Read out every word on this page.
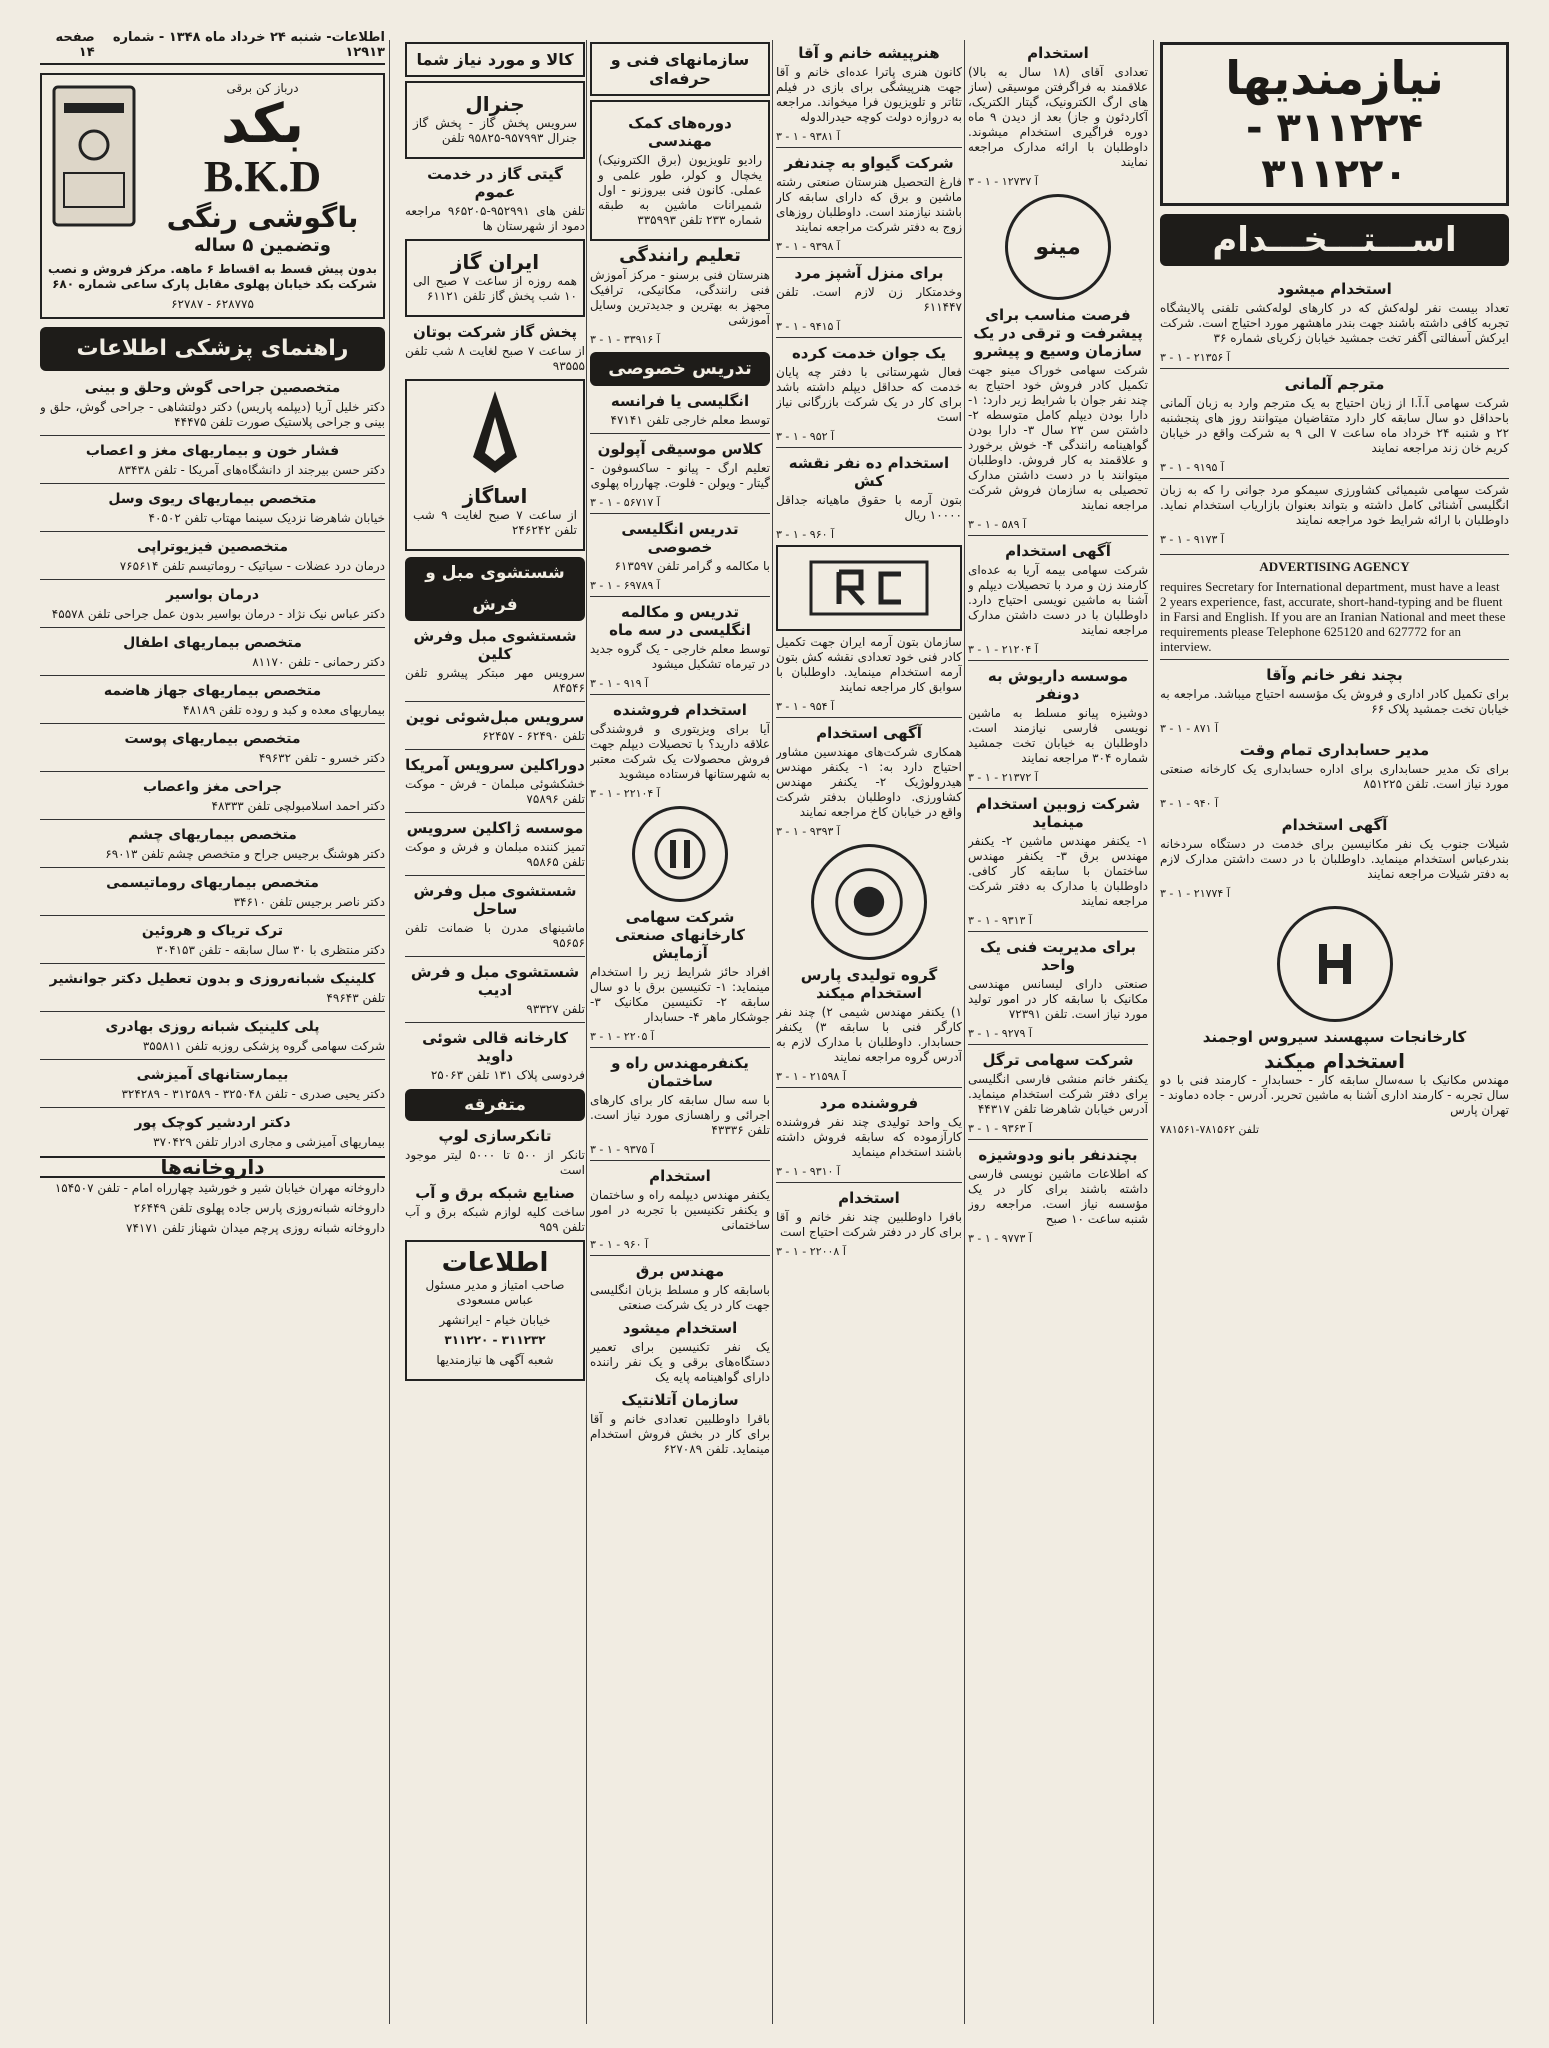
نیازمندیها
۳۱۱۲۲۴ - ۳۱۱۲۲۰
اســـتـــخـــدام
استخدام میشود

تعداد بیست نفر لوله‌کش که در کارهای لوله‌کشی تلفنی پالایشگاه تجربه کافی داشته باشند جهت بندر ماهشهر مورد احتیاج است. شرکت ایرکش آسفالتی آگفر تخت جمشید خیابان زکریای شماره ۳۶

آ ۲۱۳۵۶ - ۱ - ۳
مترجم آلمانی

شرکت سهامی آ.آ.ا از زبان احتیاج به یک مترجم وارد به زبان آلمانی باحداقل دو سال سابقه کار دارد متقاضیان میتوانند روز های پنجشنبه ۲۲ و شنبه ۲۴ خرداد ماه ساعت ۷ الی ۹ به شرکت واقع در خیابان کریم خان زند مراجعه نمایند

آ ۹۱۹۵ - ۱ - ۳

شرکت سهامی شیمیائی کشاورزی سیمکو مرد جوانی را که به زبان انگلیسی آشنائی کامل داشته و بتواند بعنوان بازاریاب استخدام نماید. داوطلبان با ارائه شرایط خود مراجعه نمایند

آ ۹۱۷۳ - ۱ - ۳

ADVERTISING AGENCY

requires Secretary for International department, must have a least 2 years experience, fast, accurate, short-hand-typing and be fluent in Farsi and English. If you are an Iranian National and meet these requirements please Telephone 625120 and 627772 for an interview.

بچند نفر خانم وآقا

برای تکمیل کادر اداری و فروش یک مؤسسه احتیاج میباشد. مراجعه به خیابان تخت جمشید پلاک ۶۶

آ ۸۷۱ - ۱ - ۳
مدیر حسابداری تمام وقت

برای تک مدیر حسابداری برای اداره حسابداری یک کارخانه صنعتی مورد نیاز است. تلفن ۸۵۱۲۲۵

آ ۹۴۰ - ۱ - ۳
آگهی استخدام

شیلات جنوب یک نفر مکانیسین برای خدمت در دستگاه سردخانه بندرعباس استخدام مینماید. داوطلبان با در دست داشتن مدارک لازم به دفتر شیلات مراجعه نمایند

آ ۲۱۷۷۴ - ۱ - ۳
کارخانجات سپهسند سیروس اوجمند
استخدام میکند

مهندس مکانیک با سه‌سال سابقه کار - حسابدار - کارمند فنی با دو سال تجربه - کارمند اداری آشنا به ماشین تحریر. آدرس - جاده دماوند - تهران پارس

تلفن ۷۸۱۵۶۲-۷۸۱۵۶۱
استخدام

تعدادی آقای (۱۸ سال به بالا) علاقمند به فراگرفتن موسیقی (ساز های ارگ الکترونیک، گیتار الکتریک، آکاردئون و جاز) بعد از دیدن ۹ ماه دوره فراگیری استخدام میشوند. داوطلبان با ارائه مدارک مراجعه نمایند

آ ۱۲۷۳۷ - ۱ - ۳
مینو
فرصت مناسب برای پیشرفت و ترقی در یک سازمان وسیع و پیشرو

شرکت سهامی خوراک مینو جهت تکمیل کادر فروش خود احتیاج به چند نفر جوان با شرایط زیر دارد: ۱- دارا بودن دیپلم کامل متوسطه ۲- داشتن سن ۲۳ سال ۳- دارا بودن گواهینامه رانندگی ۴- خوش برخورد و علاقمند به کار فروش. داوطلبان میتوانند با در دست داشتن مدارک تحصیلی به سازمان فروش شرکت مراجعه نمایند

آ ۵۸۹ - ۱ - ۳
آگهی استخدام

شرکت سهامی بیمه آریا به عده‌ای کارمند زن و مرد با تحصیلات دیپلم و آشنا به ماشین نویسی احتیاج دارد. داوطلبان با در دست داشتن مدارک مراجعه نمایند

آ ۲۱۲۰۴ - ۱ - ۳
موسسه داریوش به دونفر

دوشیزه پیانو مسلط به ماشین نویسی فارسی نیازمند است. داوطلبان به خیابان تخت جمشید شماره ۳۰۴ مراجعه نمایند

آ ۲۱۳۷۲ - ۱ - ۳
شرکت زوبین استخدام مینماید

۱- یکنفر مهندس ماشین ۲- یکنفر مهندس برق ۳- یکنفر مهندس ساختمان با سابقه کار کافی. داوطلبان با مدارک به دفتر شرکت مراجعه نمایند

آ ۹۳۱۳ - ۱ - ۳
برای مدیریت فنی یک واحد

صنعتی دارای لیسانس مهندسی مکانیک با سابقه کار در امور تولید مورد نیاز است. تلفن ۷۲۳۹۱

آ ۹۲۷۹ - ۱ - ۳
شرکت سهامی ترگل

یکنفر خانم منشی فارسی انگلیسی برای دفتر شرکت استخدام مینماید. آدرس خیابان شاهرضا تلفن ۴۴۳۱۷

آ ۹۳۶۳ - ۱ - ۳
بچندنفر بانو ودوشیزه

که اطلاعات ماشین نویسی فارسی داشته باشند برای کار در یک مؤسسه نیاز است. مراجعه روز شنبه ساعت ۱۰ صبح

آ ۹۷۷۳ - ۱ - ۳
اطلاعات- شنبه ۲۴ خرداد ماه ۱۳۴۸ - شماره ۱۲۹۱۳
صفحه ۱۴
درباز کن برقی
بکد
B.K.D
باگوشی رنگی
وتضمین ۵ ساله

بدون پیش قسط به اقساط ۶ ماهه. مرکز فروش و نصب شرکت بکد خیابان پهلوی مقابل پارک ساعی شماره ۶۸۰

۶۲۸۷۷۵ - ۶۲۷۸۷
راهنمای پزشکی اطلاعات
متخصصین جراحی گوش وحلق و بینی

دکتر خلیل آریا (دیپلمه پاریس) دکتر دولتشاهی - جراحی گوش، حلق و بینی و جراحی پلاستیک صورت تلفن ۴۴۴۷۵

فشار خون و بیماریهای مغز و اعصاب

دکتر حسن بیرجند از دانشگاه‌های آمریکا - تلفن ۸۳۴۳۸

متخصص بیماریهای ریوی وسل

خیابان شاهرضا نزدیک سینما مهتاب تلفن ۴۰۵۰۲

متخصصین فیزیوتراپی

درمان درد عضلات - سیاتیک - روماتیسم تلفن ۷۶۵۶۱۴

درمان بواسیر

دکتر عباس نیک نژاد - درمان بواسیر بدون عمل جراحی تلفن ۴۵۵۷۸

متخصص بیماریهای اطفال

دکتر رحمانی - تلفن ۸۱۱۷۰

متخصص بیماریهای جهاز هاضمه

بیماریهای معده و کبد و روده تلفن ۴۸۱۸۹

متخصص بیماریهای پوست

دکتر خسرو - تلفن ۴۹۶۳۲

جراحی مغز واعصاب

دکتر احمد اسلامبولچی تلفن ۴۸۳۳۳

متخصص بیماریهای چشم

دکتر هوشنگ برجیس جراح و متخصص چشم تلفن ۶۹۰۱۳

متخصص بیماریهای روماتیسمی

دکتر ناصر برجیس تلفن ۳۴۶۱۰

ترک تریاک و هروئین

دکتر منتظری با ۳۰ سال سابقه - تلفن ۳۰۴۱۵۳

کلینیک شبانه‌روزی و بدون تعطیل دکتر جوانشیر

تلفن ۴۹۶۴۳

پلی کلینیک شبانه روزی بهادری

شرکت سهامی گروه پزشکی روزبه تلفن ۳۵۵۸۱۱

بیمارستانهای آمیزشی

دکتر یحیی صدری - تلفن ۳۲۵۰۴۸ - ۳۱۲۵۸۹ - ۳۲۴۲۸۹

دکتر اردشیر کوچک پور

بیماریهای آمیزشی و مجاری ادرار تلفن ۳۷۰۴۲۹

داروخانه‌ها

داروخانه مهران خیابان شیر و خورشید چهارراه امام - تلفن ۱۵۴۵۰۷

داروخانه شبانه‌روزی پارس جاده پهلوی تلفن ۲۶۴۴۹

داروخانه شبانه روزی پرچم میدان شهناز تلفن ۷۴۱۷۱

سازمانهای فنی و حرفه‌ای
دوره‌های کمک مهندسی

رادیو تلویزیون (برق الکترونیک) یخچال و کولر، طور علمی و عملی. کانون فنی بیروزنو - اول شمیرانات ماشین به طبقه شماره ۲۳۳ تلفن ۳۳۵۹۹۳

تعلیم رانندگی

هنرستان فنی برسنو - مرکز آموزش فنی رانندگی، مکانیکی، ترافیک مجهز به بهترین و جدیدترین وسایل آموزشی

آ ۳۳۹۱۶ - ۱ - ۳
تدریس خصوصی
انگلیسی یا فرانسه

توسط معلم خارجی تلفن ۴۷۱۴۱

کلاس موسیقی آپولون

تعلیم ارگ - پیانو - ساکسوفون - گیتار - ویولن - فلوت. چهارراه پهلوی

آ ۵۶۷۱۷ - ۱ - ۳
تدریس انگلیسی خصوصی

با مکالمه و گرامر تلفن ۶۱۳۵۹۷

آ ۶۹۷۸۹ - ۱ - ۳
تدریس و مکالمه انگلیسی در سه ماه

توسط معلم خارجی - یک گروه جدید در تیرماه تشکیل میشود

آ ۹۱۹ - ۱ - ۳
استخدام فروشنده

آیا برای ویزیتوری و فروشندگی علاقه دارید؟ با تحصیلات دیپلم جهت فروش محصولات یک شرکت معتبر به شهرستانها فرستاده میشوید

آ ۲۲۱۰۴ - ۱ - ۳
شرکت سهامی کارخانهای صنعتی آزمایش

افراد حائز شرایط زیر را استخدام مینماید: ۱- تکنیسین برق با دو سال سابقه ۲- تکنیسین مکانیک ۳- جوشکار ماهر ۴- حسابدار

آ ۲۲۰۵ - ۱ - ۳
یکنفرمهندس راه و ساختمان

با سه سال سابقه کار برای کارهای اجرائی و راهسازی مورد نیاز است. تلفن ۴۳۳۳۶

آ ۹۳۷۵ - ۱ - ۳
استخدام

یکنفر مهندس دیپلمه راه و ساختمان و یکنفر تکنیسین با تجربه در امور ساختمانی

آ ۹۶۰ - ۱ - ۳
مهندس برق

باسابقه کار و مسلط بزبان انگلیسی جهت کار در یک شرکت صنعتی

استخدام میشود

یک نفر تکنیسین برای تعمیر دستگاه‌های برقی و یک نفر راننده دارای گواهینامه پایه یک

سازمان آتلانتیک

باقرا داوطلبین تعدادی خانم و آقا برای کار در بخش فروش استخدام مینماید. تلفن ۶۲۷۰۸۹

کالا و مورد نیاز شما
جنرال

سرویس پخش گاز - پخش گاز جنرال ۹۵۷۹۹۳-۹۵۸۲۵ تلفن

گیتی گاز در خدمت عموم

تلفن های ۹۵۲۹۹۱-۹۶۵۲۰۵ مراجعه دمود از شهرستان ها

ایران گاز

همه روزه از ساعت ۷ صبح الی ۱۰ شب پخش گاز تلفن ۶۱۱۲۱

پخش گاز شرکت بوتان

از ساعت ۷ صبح لغایت ۸ شب تلفن ۹۳۵۵۵

اساگاز

از ساعت ۷ صبح لغایت ۹ شب تلفن ۲۴۶۲۴۲

شستشوی مبل و فرش
شستشوی مبل وفرش کلین

سرویس مهر مبتکر پیشرو تلفن ۸۴۵۴۶

سرویس مبل‌شوئی نوین

تلفن ۶۲۴۹۰ - ۶۲۴۵۷

دوراکلین سرویس آمریکا

خشکشوئی مبلمان - فرش - موکت تلفن ۷۵۸۹۶

موسسه ژاکلین سرویس

تمیز کننده مبلمان و فرش و موکت تلفن ۹۵۸۶۵

شستشوی مبل وفرش ساحل

ماشینهای مدرن با ضمانت تلفن ۹۵۶۵۶

شستشوی مبل و فرش ادیب

تلفن ۹۳۳۲۷

کارخانه قالی شوئی داوید

فردوسی پلاک ۱۳۱ تلفن ۲۵۰۶۳

متفرقه
تانکرسازی لوپ

تانکر از ۵۰۰ تا ۵۰۰۰ لیتر موجود است

صنایع شبکه برق و آب

ساخت کلیه لوازم شبکه برق و آب تلفن ۹۵۹

اطلاعات

صاحب امتیاز و مدیر مسئول عباس مسعودی

خیابان خیام - ایرانشهر

۳۱۱۲۳۲ - ۳۱۱۲۲۰

شعبه آگهی ها نیازمندیها

هنرپیشه خانم و آقا

کانون هنری پاترا عده‌ای خانم و آقا جهت هنرپیشگی برای بازی در فیلم تئاتر و تلویزیون فرا میخواند. مراجعه به دروازه دولت کوچه حیدرالدوله

آ ۹۳۸۱ - ۱ - ۳
شرکت گیواو به چندنفر

فارغ التحصیل هنرستان صنعتی رشته ماشین و برق که دارای سابقه کار باشند نیازمند است. داوطلبان روزهای زوج به دفتر شرکت مراجعه نمایند

آ ۹۳۹۸ - ۱ - ۳
برای منزل آشپز مرد

وخدمتکار زن لازم است. تلفن ۶۱۱۴۴۷

آ ۹۴۱۵ - ۱ - ۳
یک جوان خدمت کرده

فعال شهرستانی با دفتر چه پایان خدمت که حداقل دیپلم داشته باشد برای کار در یک شرکت بازرگانی نیاز است

آ ۹۵۲ - ۱ - ۳
استخدام ده نفر نقشه کش

بتون آرمه با حقوق ماهیانه جداقل ۱۰۰۰۰ ریال

آ ۹۶۰ - ۱ - ۳

سازمان بتون آرمه ایران جهت تکمیل کادر فنی خود تعدادی نقشه کش بتون آرمه استخدام مینماید. داوطلبان با سوابق کار مراجعه نمایند

آ ۹۵۴ - ۱ - ۳
آگهی استخدام

همکاری شرکت‌های مهندسین مشاور احتیاج دارد به: ۱- یکنفر مهندس هیدرولوژیک ۲- یکنفر مهندس کشاورزی. داوطلبان بدفتر شرکت واقع در خیابان کاخ مراجعه نمایند

آ ۹۳۹۳ - ۱ - ۳
گروه تولیدی پارس استخدام میکند

۱) یکنفر مهندس شیمی ۲) چند نفر کارگر فنی با سابقه ۳) یکنفر حسابدار. داوطلبان با مدارک لازم به آدرس گروه مراجعه نمایند

آ ۲۱۵۹۸ - ۱ - ۳
فروشنده مرد

یک واحد تولیدی چند نفر فروشنده کارآزموده که سابقه فروش داشته باشند استخدام مینماید

آ ۹۳۱۰ - ۱ - ۳
استخدام

بافرا داوطلبین چند نفر خانم و آقا برای کار در دفتر شرکت احتیاج است

آ ۲۲۰۰۸ - ۱ - ۳
